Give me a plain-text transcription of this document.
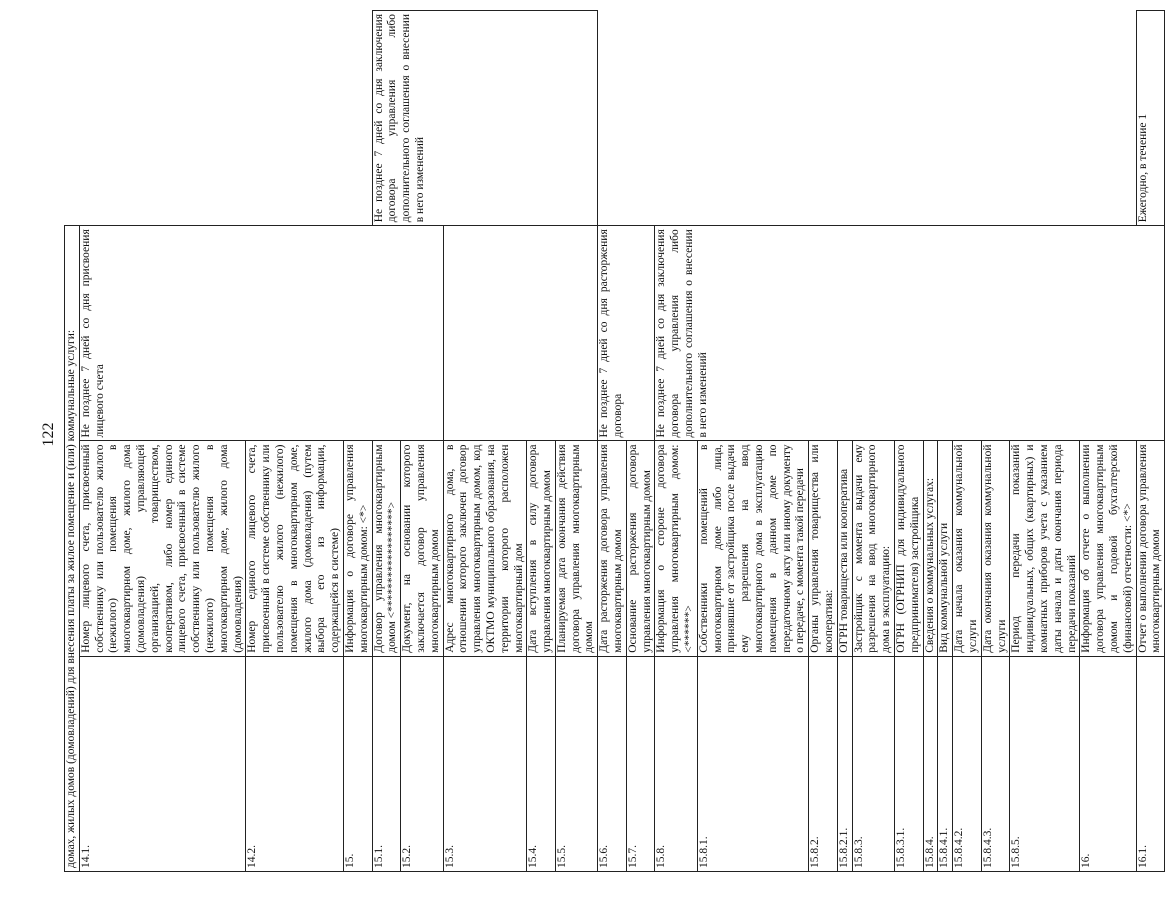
122 домах, жилых домов (домовладений) для внесения платы за жилое помещение и (или) коммунальные услуги:			
14.1.	Номер лицевого счета, присвоенный собственнику или пользователю жилого (нежилого) помещения в многоквартирном доме, жилого дома (домовладения) управляющей организацией, товариществом, кооперативом, либо номер единого лицевого счета, присвоенный в системе собственнику или пользователю жилого (нежилого) помещения в многоквартирном доме, жилого дома (домовладения)	Не позднее 7 дней со дня присвоения лицевого счета	
14.2.	Номер единого лицевого счета, присвоенный в системе собственнику или пользователю жилого (нежилого) помещения в многоквартирном доме, жилого дома (домовладения) (путем выбора его из информации, содержащейся в системе)		
15.	Информация о договоре управления многоквартирным домом: <*>		
15.1.	Договор управления многоквартирным домом <******************>		Не позднее 7 дней со дня заключения договора управления либо дополнительного соглашения о внесении в него изменений
15.2.	Документ, на основании которого заключается договор управления многоквартирным домом		
15.3.	Адрес многоквартирного дома, в отношении которого заключен договор управления многоквартирным домом, код ОКТМО муниципального образования, на территории которого расположен многоквартирный дом		
15.4.	Дата вступления в силу договора управления многоквартирным домом		
15.5.	Планируемая дата окончания действия договора управления многоквартирным домом		
15.6.	Дата расторжения договора управления многоквартирным домом	Не позднее 7 дней со дня расторжения договора	
15.7.	Основание расторжения договора управления многоквартирным домом		
15.8.	Информация о стороне договора управления многоквартирным домом: <******>	Не позднее 7 дней со дня заключения договора управления либо дополнительного соглашения о внесении в него изменений	
15.8.1.	Собственники помещений в многоквартирном доме либо лица, принявшие от застройщика после выдачи ему разрешения на ввод многоквартирного дома в эксплуатацию помещения в данном доме по передаточному акту или иному документу о передаче, с момента такой передачи		
15.8.2.	Органы управления товарищества или кооператива:		
15.8.2.1.	ОГРН товарищества или кооператива		
15.8.3.	Застройщик с момента выдачи ему разрешения на ввод многоквартирного дома в эксплуатацию:		
15.8.3.1.	ОГРН (ОГРНИП для индивидуального предпринимателя) застройщика		
15.8.4.	Сведения о коммунальных услугах:		
15.8.4.1.	Вид коммунальной услуги		
15.8.4.2.	Дата начала оказания коммунальной услуги		
15.8.4.3.	Дата окончания оказания коммунальной услуги		
15.8.5.	Период передачи показаний индивидуальных, общих (квартирных) и комнатных приборов учета с указанием даты начала и даты окончания периода передачи показаний		
16.	Информация об отчете о выполнении договора управления многоквартирным домом и годовой бухгалтерской (финансовой) отчетности: <*>		
16.1.	Отчет о выполнении договора управления многоквартирным домом		Ежегодно, в течение 1
